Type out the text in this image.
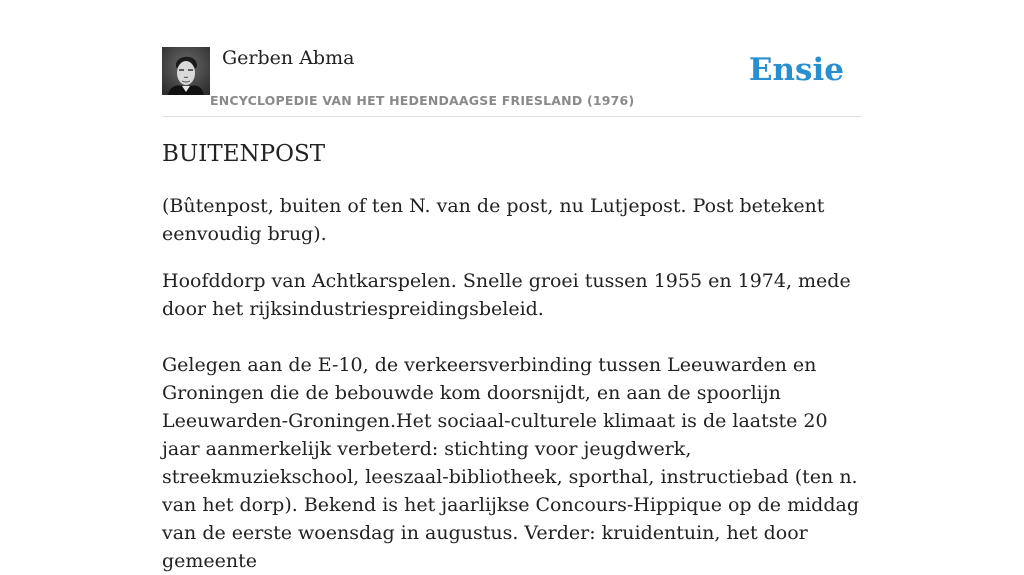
Gerben Abma
ENCYCLOPEDIE VAN HET HEDENDAAGSE FRIESLAND (1976)
Ensie
BUITENPOST

(Bûtenpost, buiten of ten N. van de post, nu Lutjepost. Post betekent eenvoudig brug).

Hoofddorp van Achtkarspelen. Snelle groei tussen 1955 en 1974, mede door het rijksindustriespreidingsbeleid.

Gelegen aan de E-10, de verkeersverbinding tussen Leeuwarden en Groningen die de bebouwde kom doorsnijdt, en aan de spoorlijn Leeuwarden-Groningen.Het sociaal-culturele klimaat is de laatste 20 jaar aanmerkelijk verbeterd: stichting voor jeugdwerk, streekmuziekschool, leeszaal-bibliotheek, sporthal, instructiebad (ten n. van het dorp). Bekend is het jaarlijkse Concours-Hippique op de middag van de eerste woensdag in augustus. Verder: kruidentuin, het door gemeente
